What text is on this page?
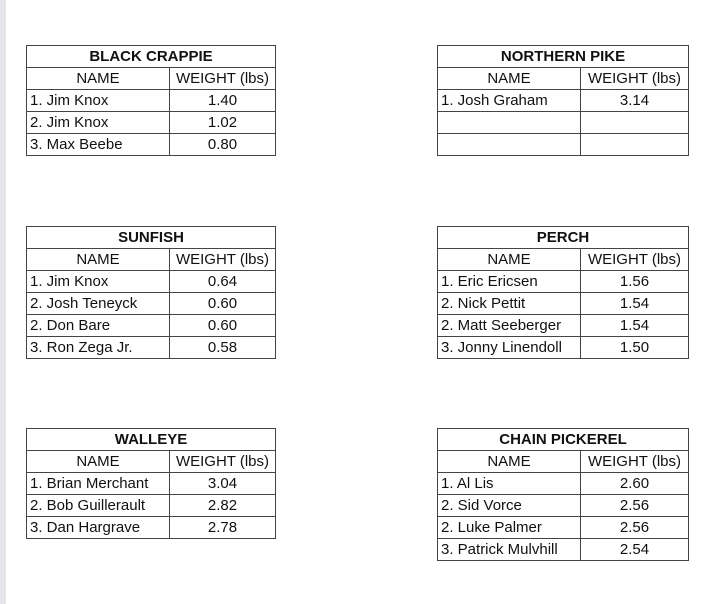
BLACK CRAPPIE	
NAME	WEIGHT (lbs)
1. Jim Knox	1.40
2. Jim Knox	1.02
3. Max Beebe	0.80
NORTHERN PIKE	
NAME	WEIGHT (lbs)
1. Josh Graham	3.14

SUNFISH	
NAME	WEIGHT (lbs)
1. Jim Knox	0.64
2. Josh Teneyck	0.60
2. Don Bare	0.60
3. Ron Zega Jr.	0.58
PERCH	
NAME	WEIGHT (lbs)
1. Eric Ericsen	1.56
2. Nick Pettit	1.54
2. Matt Seeberger	1.54
3. Jonny Linendoll	1.50
WALLEYE	
NAME	WEIGHT (lbs)
1. Brian Merchant	3.04
2. Bob Guillerault	2.82
3. Dan Hargrave	2.78
CHAIN PICKEREL	
NAME	WEIGHT (lbs)
1. Al Lis	2.60
2. Sid Vorce	2.56
2. Luke Palmer	2.56
3. Patrick Mulvhill	2.54
